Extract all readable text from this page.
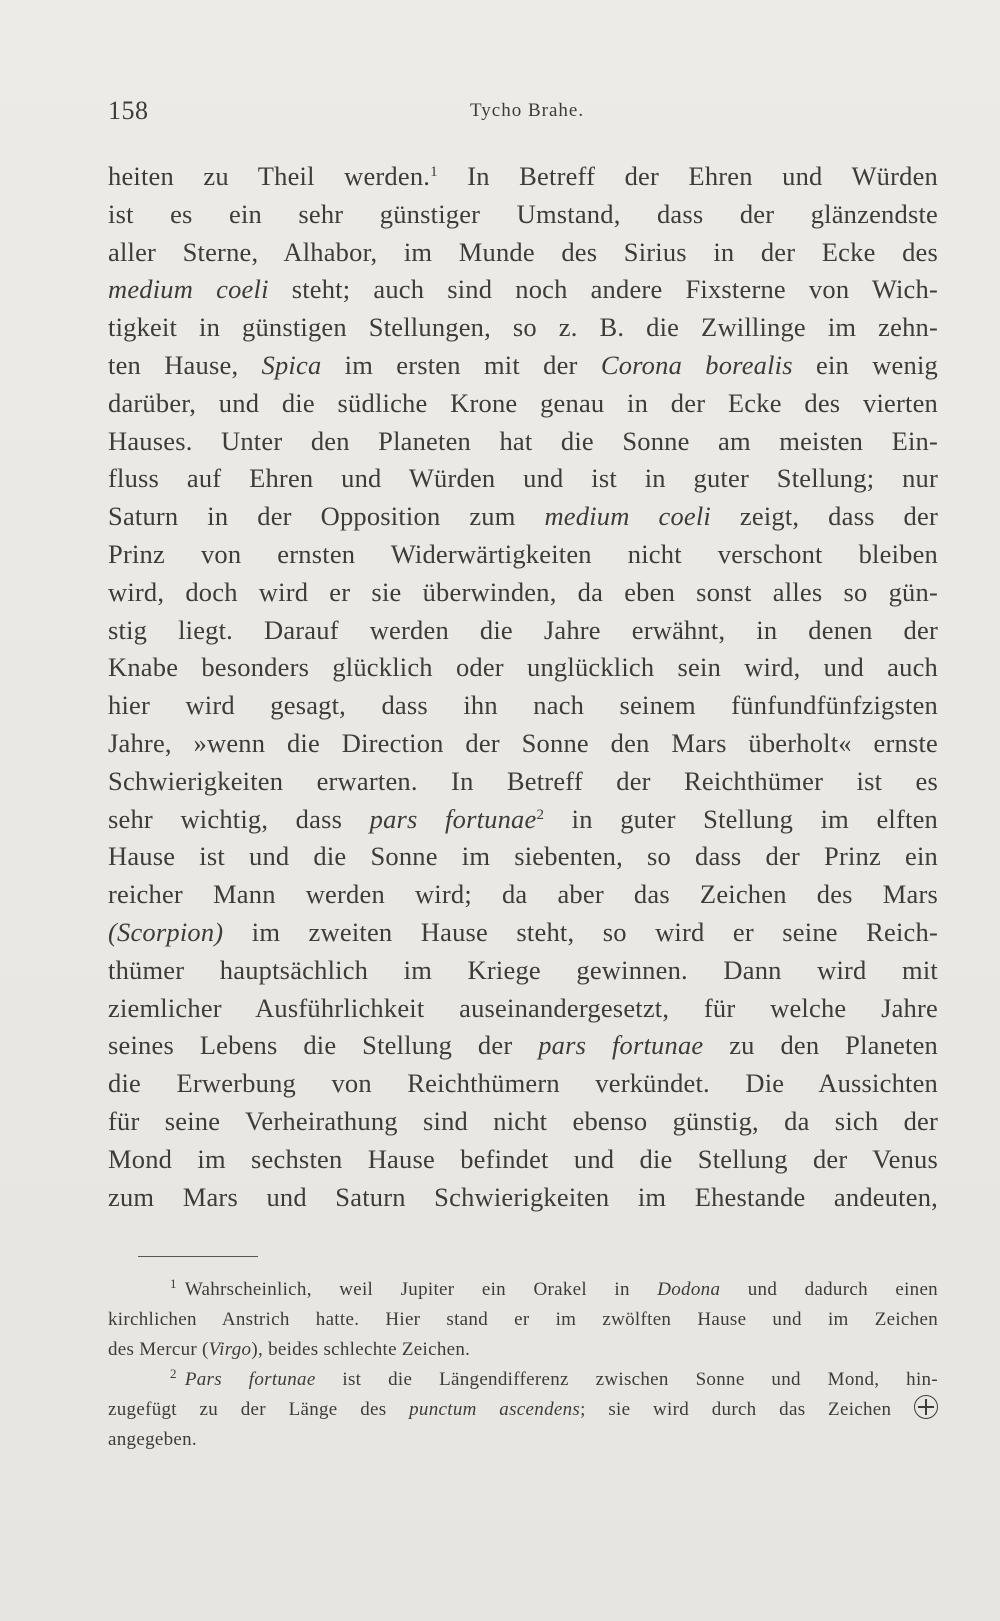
158	Tycho Brahe.
heiten zu Theil werden.$^1$ In Betreff der Ehren und Würden
ist es ein sehr günstiger Umstand, dass der glänzendste
aller Sterne, Alhabor, im Munde des Sirius in der Ecke des
medium coeli steht; auch sind noch andere Fixsterne von Wich-
tigkeit in günstigen Stellungen, so z. B. die Zwillinge im zehn-
ten Hause, Spica im ersten mit der Corona borealis ein wenig
darüber, und die südliche Krone genau in der Ecke des vierten
Hauses. Unter den Planeten hat die Sonne am meisten Ein-
fluss auf Ehren und Würden und ist in guter Stellung; nur
Saturn in der Opposition zum medium coeli zeigt, dass der
Prinz von ernsten Widerwärtigkeiten nicht verschont bleiben
wird, doch wird er sie überwinden, da eben sonst alles so gün-
stig liegt. Darauf werden die Jahre erwähnt, in denen der
Knabe besonders glücklich oder unglücklich sein wird, und auch
hier wird gesagt, dass ihn nach seinem fünfundfünfzigsten
Jahre, »wenn die Direction der Sonne den Mars überholt« ernste
Schwierigkeiten erwarten. In Betreff der Reichthümer ist es
sehr wichtig, dass pars fortunae$^2$ in guter Stellung im elften
Hause ist und die Sonne im siebenten, so dass der Prinz ein
reicher Mann werden wird; da aber das Zeichen des Mars
(Scorpion) im zweiten Hause steht, so wird er seine Reich-
thümer hauptsächlich im Kriege gewinnen. Dann wird mit
ziemlicher Ausführlichkeit auseinandergesetzt, für welche Jahre
seines Lebens die Stellung der pars fortunae zu den Planeten
die Erwerbung von Reichthümern verkündet. Die Aussichten
für seine Verheirathung sind nicht ebenso günstig, da sich der
Mond im sechsten Hause befindet und die Stellung der Venus
zum Mars und Saturn Schwierigkeiten im Ehestande andeuten,
$^1$ Wahrscheinlich, weil Jupiter ein Orakel in Dodona und dadurch einen
kirchlichen Anstrich hatte. Hier stand er im zwölften Hause und im Zeichen
des Mercur (Virgo), beides schlechte Zeichen.
$^2$ Pars fortunae ist die Längendifferenz zwischen Sonne und Mond, hin-
zugefügt zu der Länge des punctum ascendens; sie wird durch das Zeichen
angegeben.
